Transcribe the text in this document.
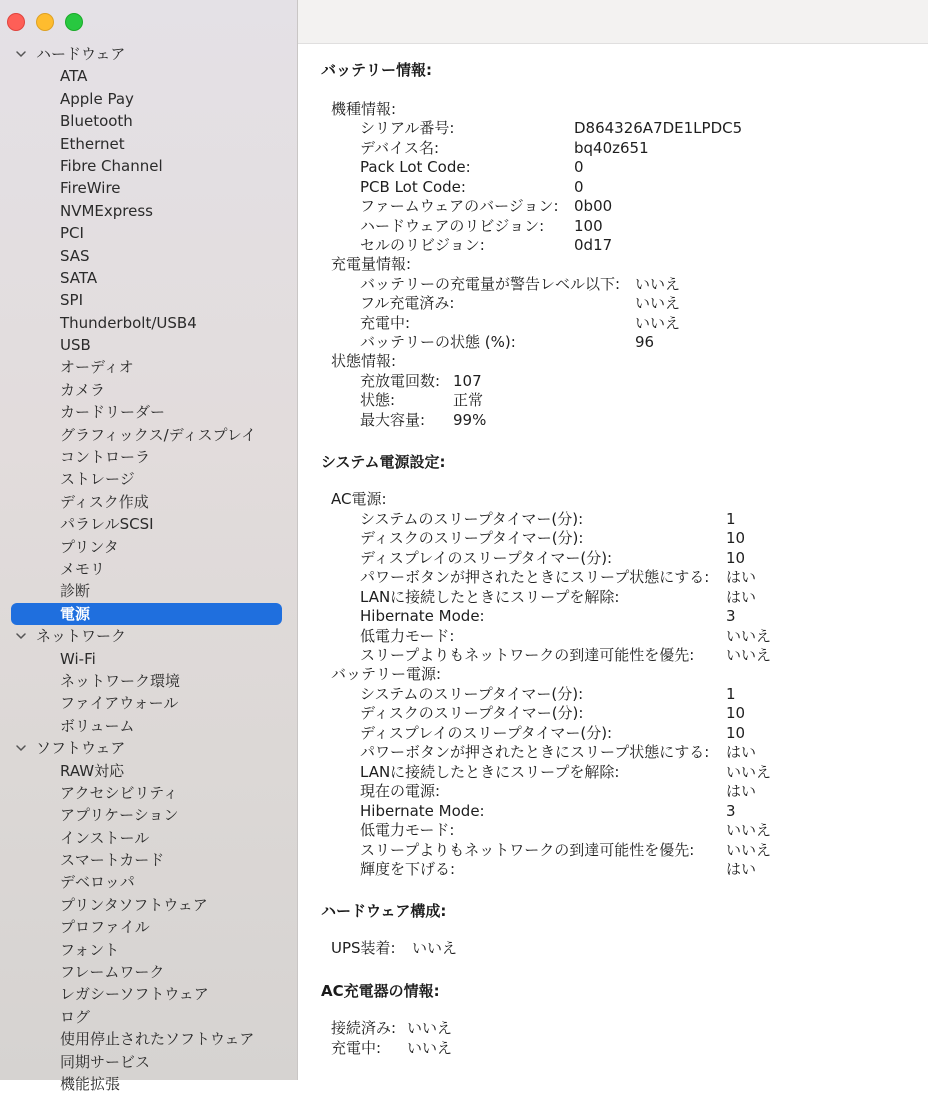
ハードウェア
ATA
Apple Pay
Bluetooth
Ethernet
Fibre Channel
FireWire
NVMExpress
PCI
SAS
SATA
SPI
Thunderbolt/USB4
USB
オーディオ
カメラ
カードリーダー
グラフィックス/ディスプレイ
コントローラ
ストレージ
ディスク作成
パラレルSCSI
プリンタ
メモリ
診断
電源
ネットワーク
Wi-Fi
ネットワーク環境
ファイアウォール
ボリューム
ソフトウェア
RAW対応
アクセシビリティ
アプリケーション
インストール
スマートカード
デベロッパ
プリンタソフトウェア
プロファイル
フォント
フレームワーク
レガシーソフトウェア
ログ
使用停止されたソフトウェア
同期サービス
機能拡張
バッテリー情報:
機種情報:
シリアル番号:	D864326A7DE1LPDC5
デバイス名:	bq40z651
Pack Lot Code:	0
PCB Lot Code:	0
ファームウェアのバージョン: 0b00
ハードウェアのリビジョン: 100
セルのリビジョン:	0d17
充電量情報:
バッテリーの充電量が警告レベル以下: いいえ
フル充電済み:	いいえ
充電中:	いいえ
バッテリーの状態 (%):	96
状態情報:
充放電回数: 107
状態:	正常
最大容量: 99%
システム電源設定:
AC電源:
システムのスリープタイマー(分):	1
ディスクのスリープタイマー(分):	10
ディスプレイのスリープタイマー(分):	10
パワーボタンが押されたときにスリープ状態にする: はい
LANに接続したときにスリープを解除:	はい
Hibernate Mode:	3
低電力モード:	いいえ
スリープよりもネットワークの到達可能性を優先: いいえ
バッテリー電源:
システムのスリープタイマー(分):	1
ディスクのスリープタイマー(分):	10
ディスプレイのスリープタイマー(分):	10
パワーボタンが押されたときにスリープ状態にする: はい
LANに接続したときにスリープを解除:	いいえ
現在の電源:	はい
Hibernate Mode:	3
低電力モード:	いいえ
スリープよりもネットワークの到達可能性を優先: いいえ
輝度を下げる:	はい
ハードウェア構成:
UPS装着: いいえ
AC充電器の情報:
接続済み: いいえ
充電中: いいえ
